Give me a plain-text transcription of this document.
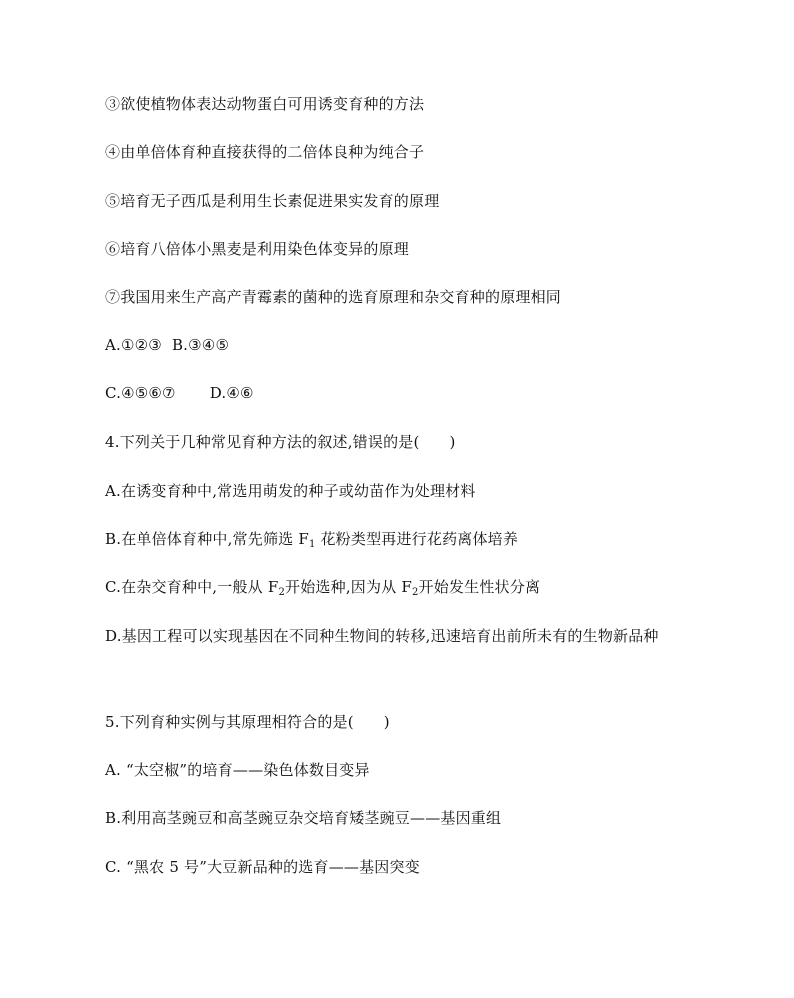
③欲使植物体表达动物蛋白可用诱变育种的方法
④由单倍体育种直接获得的二倍体良种为纯合子
⑤培育无子西瓜是利用生长素促进果实发育的原理
⑥培育八倍体小黑麦是利用染色体变异的原理
⑦我国用来生产高产青霉素的菌种的选育原理和杂交育种的原理相同
A.①②③ B.③④⑤
C.④⑤⑥⑦ D.④⑥
4.下列关于几种常见育种方法的叙述,错误的是( )
A.在诱变育种中,常选用萌发的种子或幼苗作为处理材料
B.在单倍体育种中,常先筛选 $F_1$ 花粉类型再进行花药离体培养
C.在杂交育种中,一般从 $F_2$开始选种,因为从 $F_2$开始发生性状分离
D.基因工程可以实现基因在不同种生物间的转移,迅速培育出前所未有的生物新品种
5.下列育种实例与其原理相符合的是( )
A. “太空椒”的培育——染色体数目变异
B.利用高茎豌豆和高茎豌豆杂交培育矮茎豌豆——基因重组
C. “黑农 5 号”大豆新品种的选育——基因突变
